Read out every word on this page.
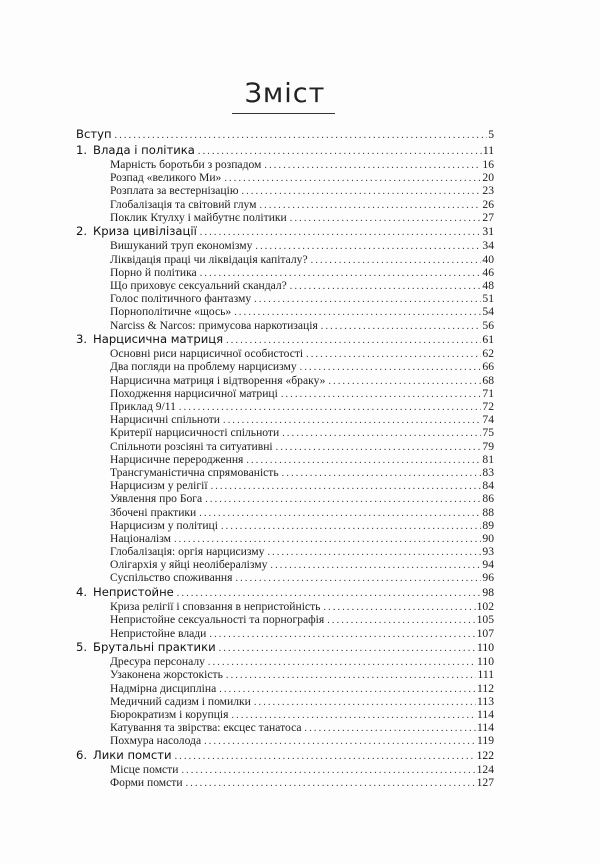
Зміст
Вступ .....	5
1. Влада і політика .....	11
Марність боротьби з розпадом .....	16
Розпад «великого Ми» .....	20
Розплата за вестернізацію .....	23
Глобалізація та світовий глум .....	26
Поклик Ктулху і майбутнє політики .....	27
2. Криза цивілізації .....	31
Вишуканий труп економізму .....	34
Ліквідація праці чи ліквідація капіталу? .....	40
Порно й політика .....	46
Що приховує сексуальний скандал? .....	48
Голос політичного фантазму .....	51
Порнополітичне «щось» .....	54
Narciss & Narcos: примусова наркотизація .....	56
3. Нарцисична матриця .....	61
Основні риси нарцисичної особистості .....	62
Два погляди на проблему нарцисизму .....	66
Нарцисична матриця і відтворення «браку» .....	68
Походження нарцисичної матриці .....	71
Приклад 9/11 .....	72
Нарцисичні спільноти .....	74
Критерії нарцисичності спільноти .....	75
Спільноти розсіяні та ситуативні .....	79
Нарцисичне переродження .....	81
Трансгуманістична спрямованість .....	83
Нарцисизм у релігії .....	84
Уявлення про Бога .....	86
Збочені практики .....	88
Нарцисизм у політиці .....	89
Націоналізм .....	90
Глобалізація: оргія нарцисизму .....	93
Олігархія у яйці неолібералізму .....	94
Суспільство споживання .....	96
4. Непристойне .....	98
Криза релігії і сповзання в непристойність .....	102
Непристойне сексуальності та порнографія .....	105
Непристойне влади .....	107
5. Брутальні практики .....	110
Дресура персоналу .....	110
Узаконена жорстокість .....	111
Надмірна дисципліна .....	112
Медичний садизм і помилки .....	113
Бюрократизм і корупція .....	114
Катування та звірства: ексцес танатоса .....	114
Похмура насолода .....	119
6. Лики помсти .....	122
Місце помсти .....	124
Форми помсти .....	127
